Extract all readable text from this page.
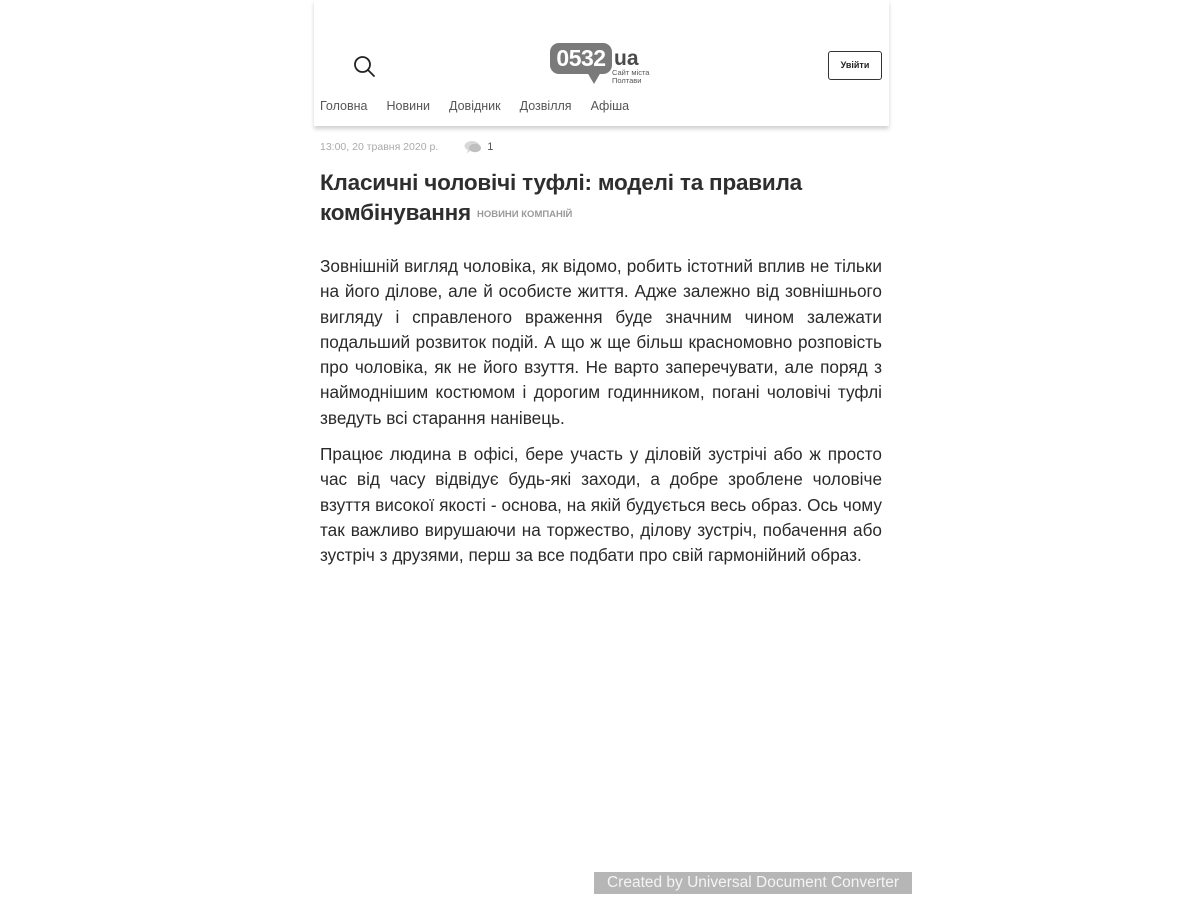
0532 ua
Сайт міста Полтави
Увійти
Головна Новини Довідник Дозвілля Афіша
13:00, 20 травня 2020 р.	1
Класичні чоловічі туфлі: моделі та правила комбінування НОВИНИ КОМПАНІЙ

Зовнішній вигляд чоловіка, як відомо, робить істотний вплив не тільки на його ділове, але й особисте життя. Адже залежно від зовнішнього вигляду і справленого враження буде значним чином залежати подальший розвиток подій. А що ж ще більш красномовно розповість про чоловіка, як не його взуття. Не варто заперечувати, але поряд з наймоднішим костюмом і дорогим годинником, погані чоловічі туфлі зведуть всі старання нанівець.

Працює людина в офісі, бере участь у діловій зустрічі або ж просто час від часу відвідує будь-які заходи, а добре зроблене чоловіче взуття високої якості - основа, на якій будується весь образ. Ось чому так важливо вирушаючи на торжество, ділову зустріч, побачення або зустріч з друзями, перш за все подбати про свій гармонійний образ.

Created by Universal Document Converter
